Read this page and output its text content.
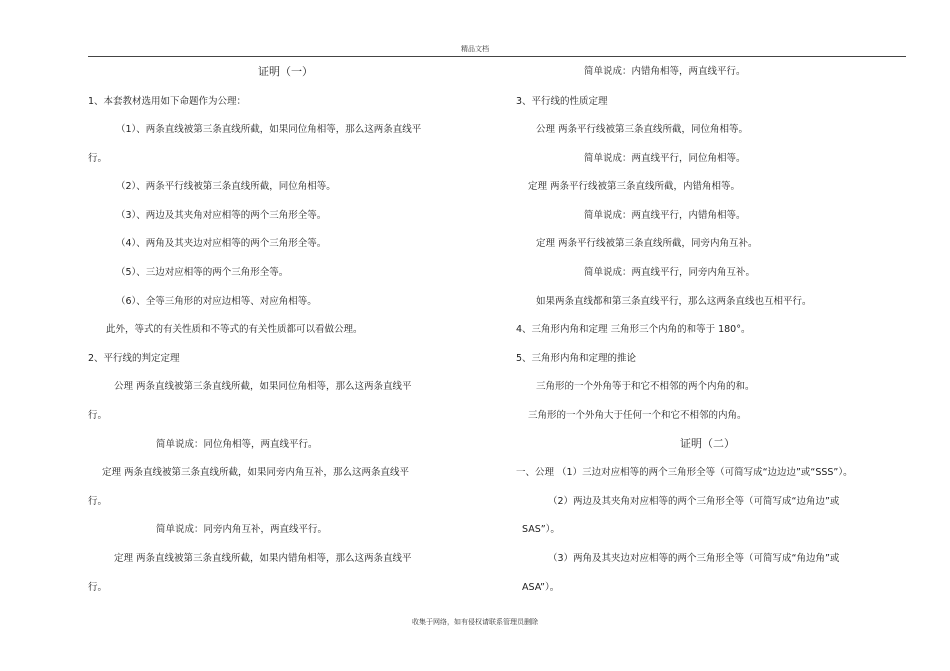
精品文档
证明（一）
1、本套教材选用如下命题作为公理：
（1）、两条直线被第三条直线所截，如果同位角相等，那么这两条直线平
行。
（2）、两条平行线被第三条直线所截，同位角相等。
（3）、两边及其夹角对应相等的两个三角形全等。
（4）、两角及其夹边对应相等的两个三角形全等。
（5）、三边对应相等的两个三角形全等。
（6）、全等三角形的对应边相等、对应角相等。
此外，等式的有关性质和不等式的有关性质都可以看做公理。
2、平行线的判定定理
公理 两条直线被第三条直线所截，如果同位角相等，那么这两条直线平
行。
简单说成：同位角相等，两直线平行。
定理 两条直线被第三条直线所截，如果同旁内角互补，那么这两条直线平
行。
简单说成：同旁内角互补，两直线平行。
定理 两条直线被第三条直线所截，如果内错角相等，那么这两条直线平
行。
简单说成：内错角相等，两直线平行。
3、平行线的性质定理
公理 两条平行线被第三条直线所截，同位角相等。
简单说成：两直线平行，同位角相等。
定理 两条平行线被第三条直线所截，内错角相等。
简单说成：两直线平行，内错角相等。
定理 两条平行线被第三条直线所截，同旁内角互补。
简单说成：两直线平行，同旁内角互补。
如果两条直线都和第三条直线平行，那么这两条直线也互相平行。
4、三角形内角和定理 三角形三个内角的和等于 180°。
5、三角形内角和定理的推论
三角形的一个外角等于和它不相邻的两个内角的和。
三角形的一个外角大于任何一个和它不相邻的内角。
证明（二）
一、公理 （1）三边对应相等的两个三角形全等（可简写成“边边边”或“SSS”）。
（2）两边及其夹角对应相等的两个三角形全等（可简写成“边角边”或
SAS”）。
（3）两角及其夹边对应相等的两个三角形全等（可简写成“角边角”或
ASA”）。
收集于网络，如有侵权请联系管理员删除
